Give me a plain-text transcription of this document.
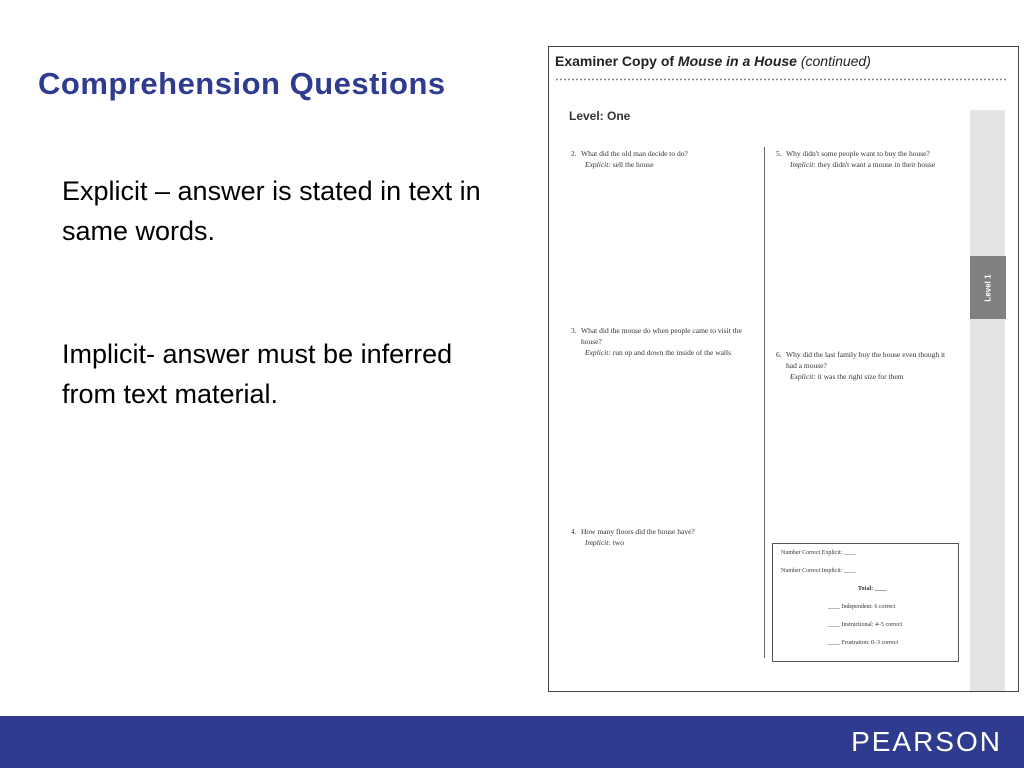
Comprehension Questions
Explicit – answer is stated in text in same words.
Implicit- answer must be inferred from text material.
Examiner Copy of Mouse in a House (continued)
Level: One
Level 1
2. What did the old man decide to do?
Explicit: sell the house
3. What did the mouse do when people came to visit the house?
Explicit: run up and down the inside of the walls
4. How many floors did the house have?
Implicit: two
5. Why didn't some people want to buy the house?
Implicit: they didn't want a mouse in their house
6. Why did the last family buy the house even though it had a mouse?
Explicit: it was the right size for them
Number Correct Explicit: ____
Number Correct Implicit: ____
Total: ____
____ Independent: 6 correct
____ Instructional: 4–5 correct
____ Frustration: 0–3 correct
PEARSON
